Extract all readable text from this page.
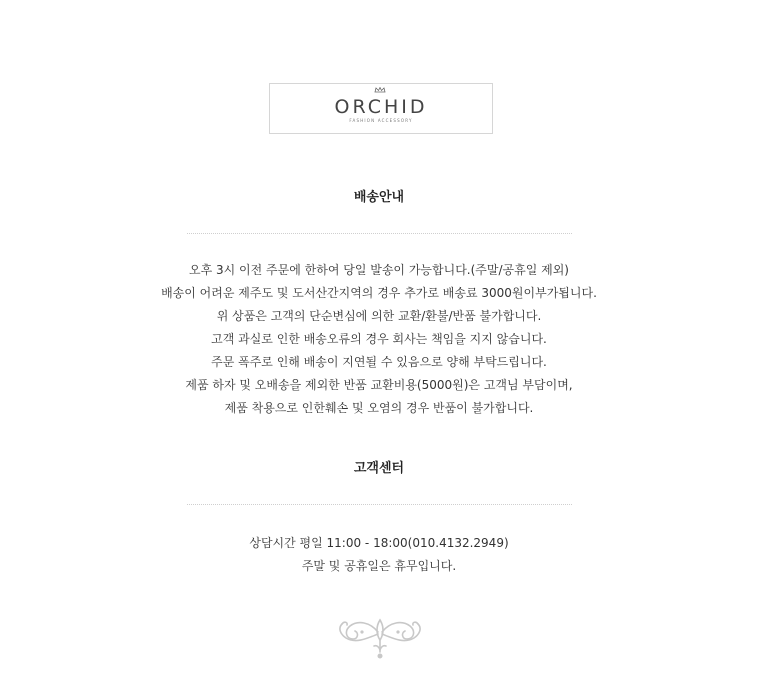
ORCHID
FASHION ACCESSORY
배송안내
오후 3시 이전 주문에 한하여 당일 발송이 가능합니다.(주말/공휴일 제외)
배송이 어려운 제주도 및 도서산간지역의 경우 추가로 배송료 3000원이부가됩니다.
위 상품은 고객의 단순변심에 의한 교환/환불/반품 불가합니다.
고객 과실로 인한 배송오류의 경우 회사는 책임을 지지 않습니다.
주문 폭주로 인해 배송이 지연될 수 있음으로 양해 부탁드립니다.
제품 하자 및 오배송을 제외한 반품 교환비용(5000원)은 고객님 부담이며,
제품 착용으로 인한훼손 및 오염의 경우 반품이 불가합니다.
고객센터
상담시간 평일 11:00 - 18:00(010.4132.2949)
주말 및 공휴일은 휴무입니다.
